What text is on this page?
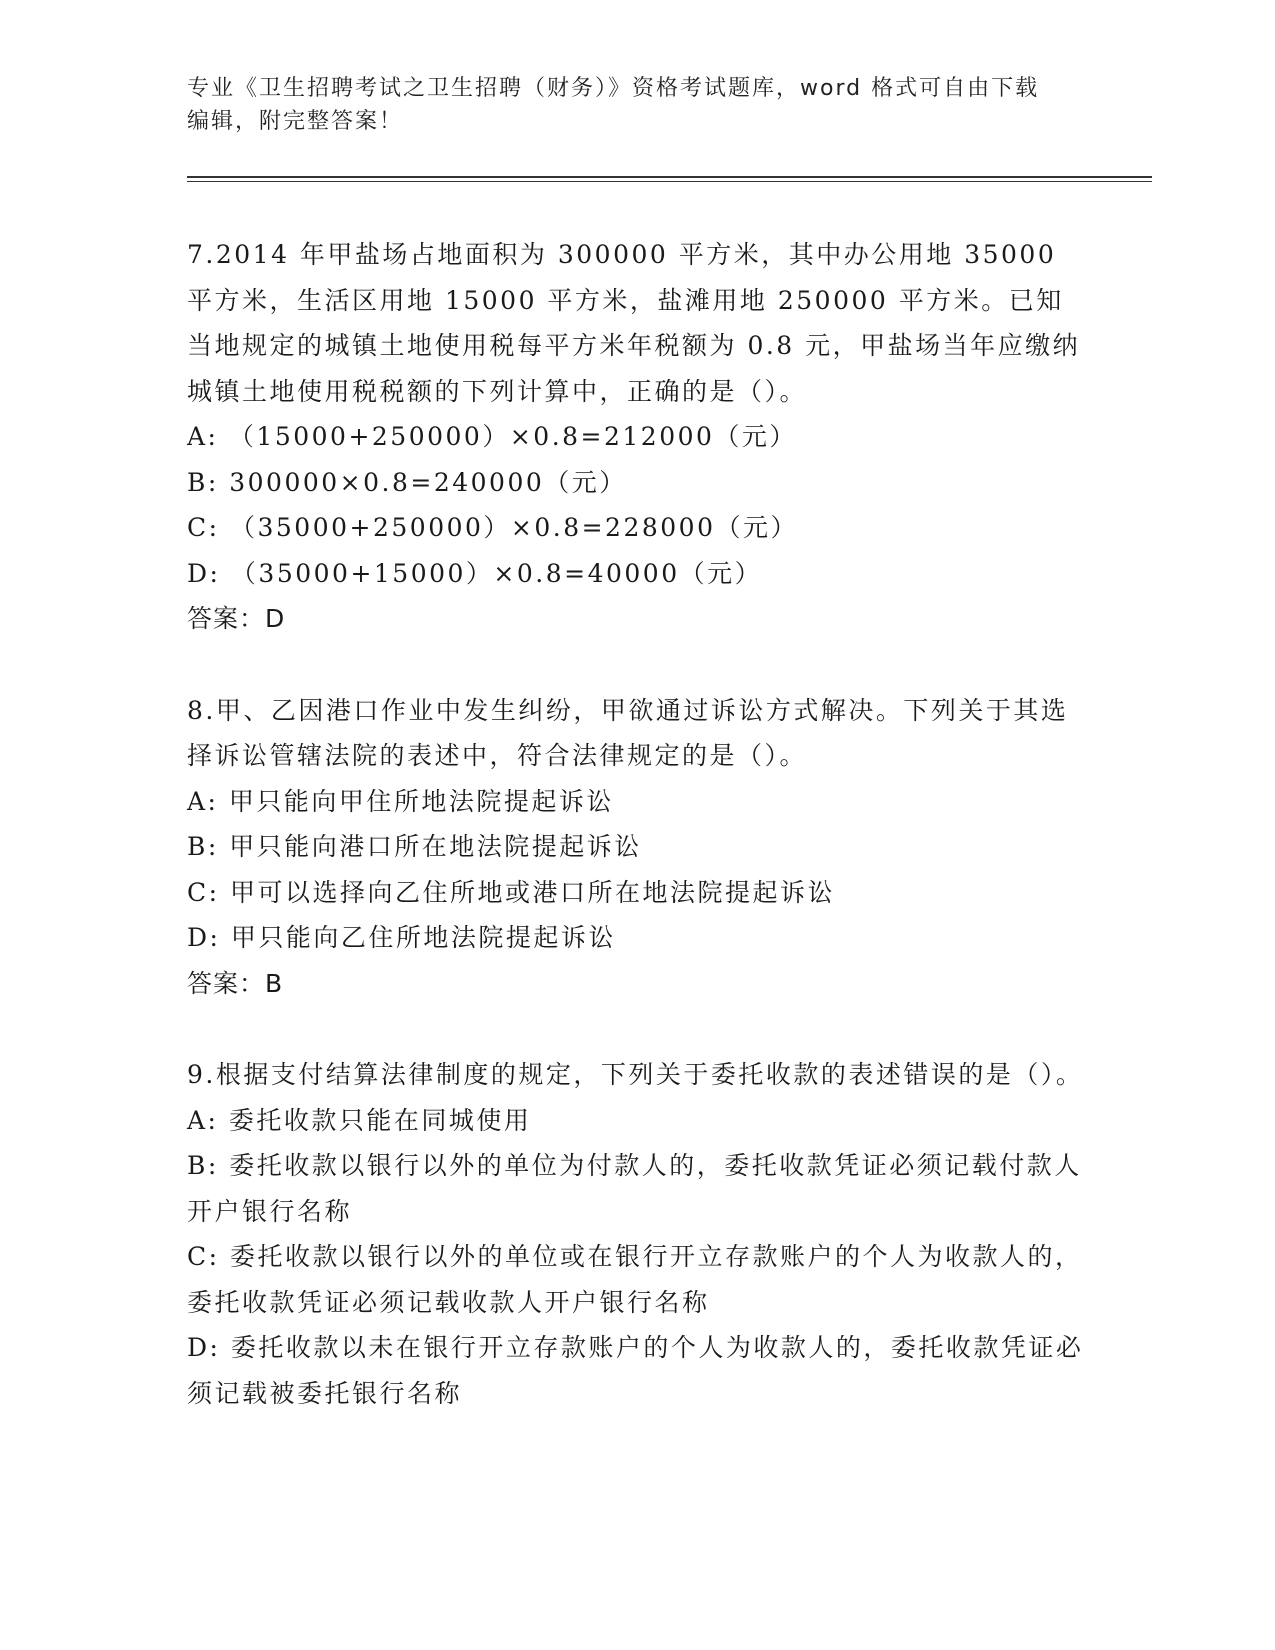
专业《卫生招聘考试之卫生招聘（财务）》资格考试题库，word 格式可自由下载
编辑，附完整答案！

7.2014 年甲盐场占地面积为 300000 平方米，其中办公用地 35000 平方米，生活区用地 15000 平方米，盐滩用地 250000 平方米。已知当地规定的城镇土地使用税每平方米年税额为 0.8 元，甲盐场当年应缴纳城镇土地使用税税额的下列计算中，正确的是（）。

A: （15000+250000）×0.8=212000（元）

B: 300000×0.8=240000（元）

C: （35000+250000）×0.8=228000（元）

D: （35000+15000）×0.8=40000（元）

答案：D

8.甲、乙因港口作业中发生纠纷，甲欲通过诉讼方式解决。下列关于其选择诉讼管辖法院的表述中，符合法律规定的是（）。

A: 甲只能向甲住所地法院提起诉讼

B: 甲只能向港口所在地法院提起诉讼

C: 甲可以选择向乙住所地或港口所在地法院提起诉讼

D: 甲只能向乙住所地法院提起诉讼

答案：B

9.根据支付结算法律制度的规定，下列关于委托收款的表述错误的是（）。

A: 委托收款只能在同城使用

B: 委托收款以银行以外的单位为付款人的，委托收款凭证必须记载付款人开户银行名称

C: 委托收款以银行以外的单位或在银行开立存款账户的个人为收款人的，委托收款凭证必须记载收款人开户银行名称

D: 委托收款以未在银行开立存款账户的个人为收款人的，委托收款凭证必须记载被委托银行名称
